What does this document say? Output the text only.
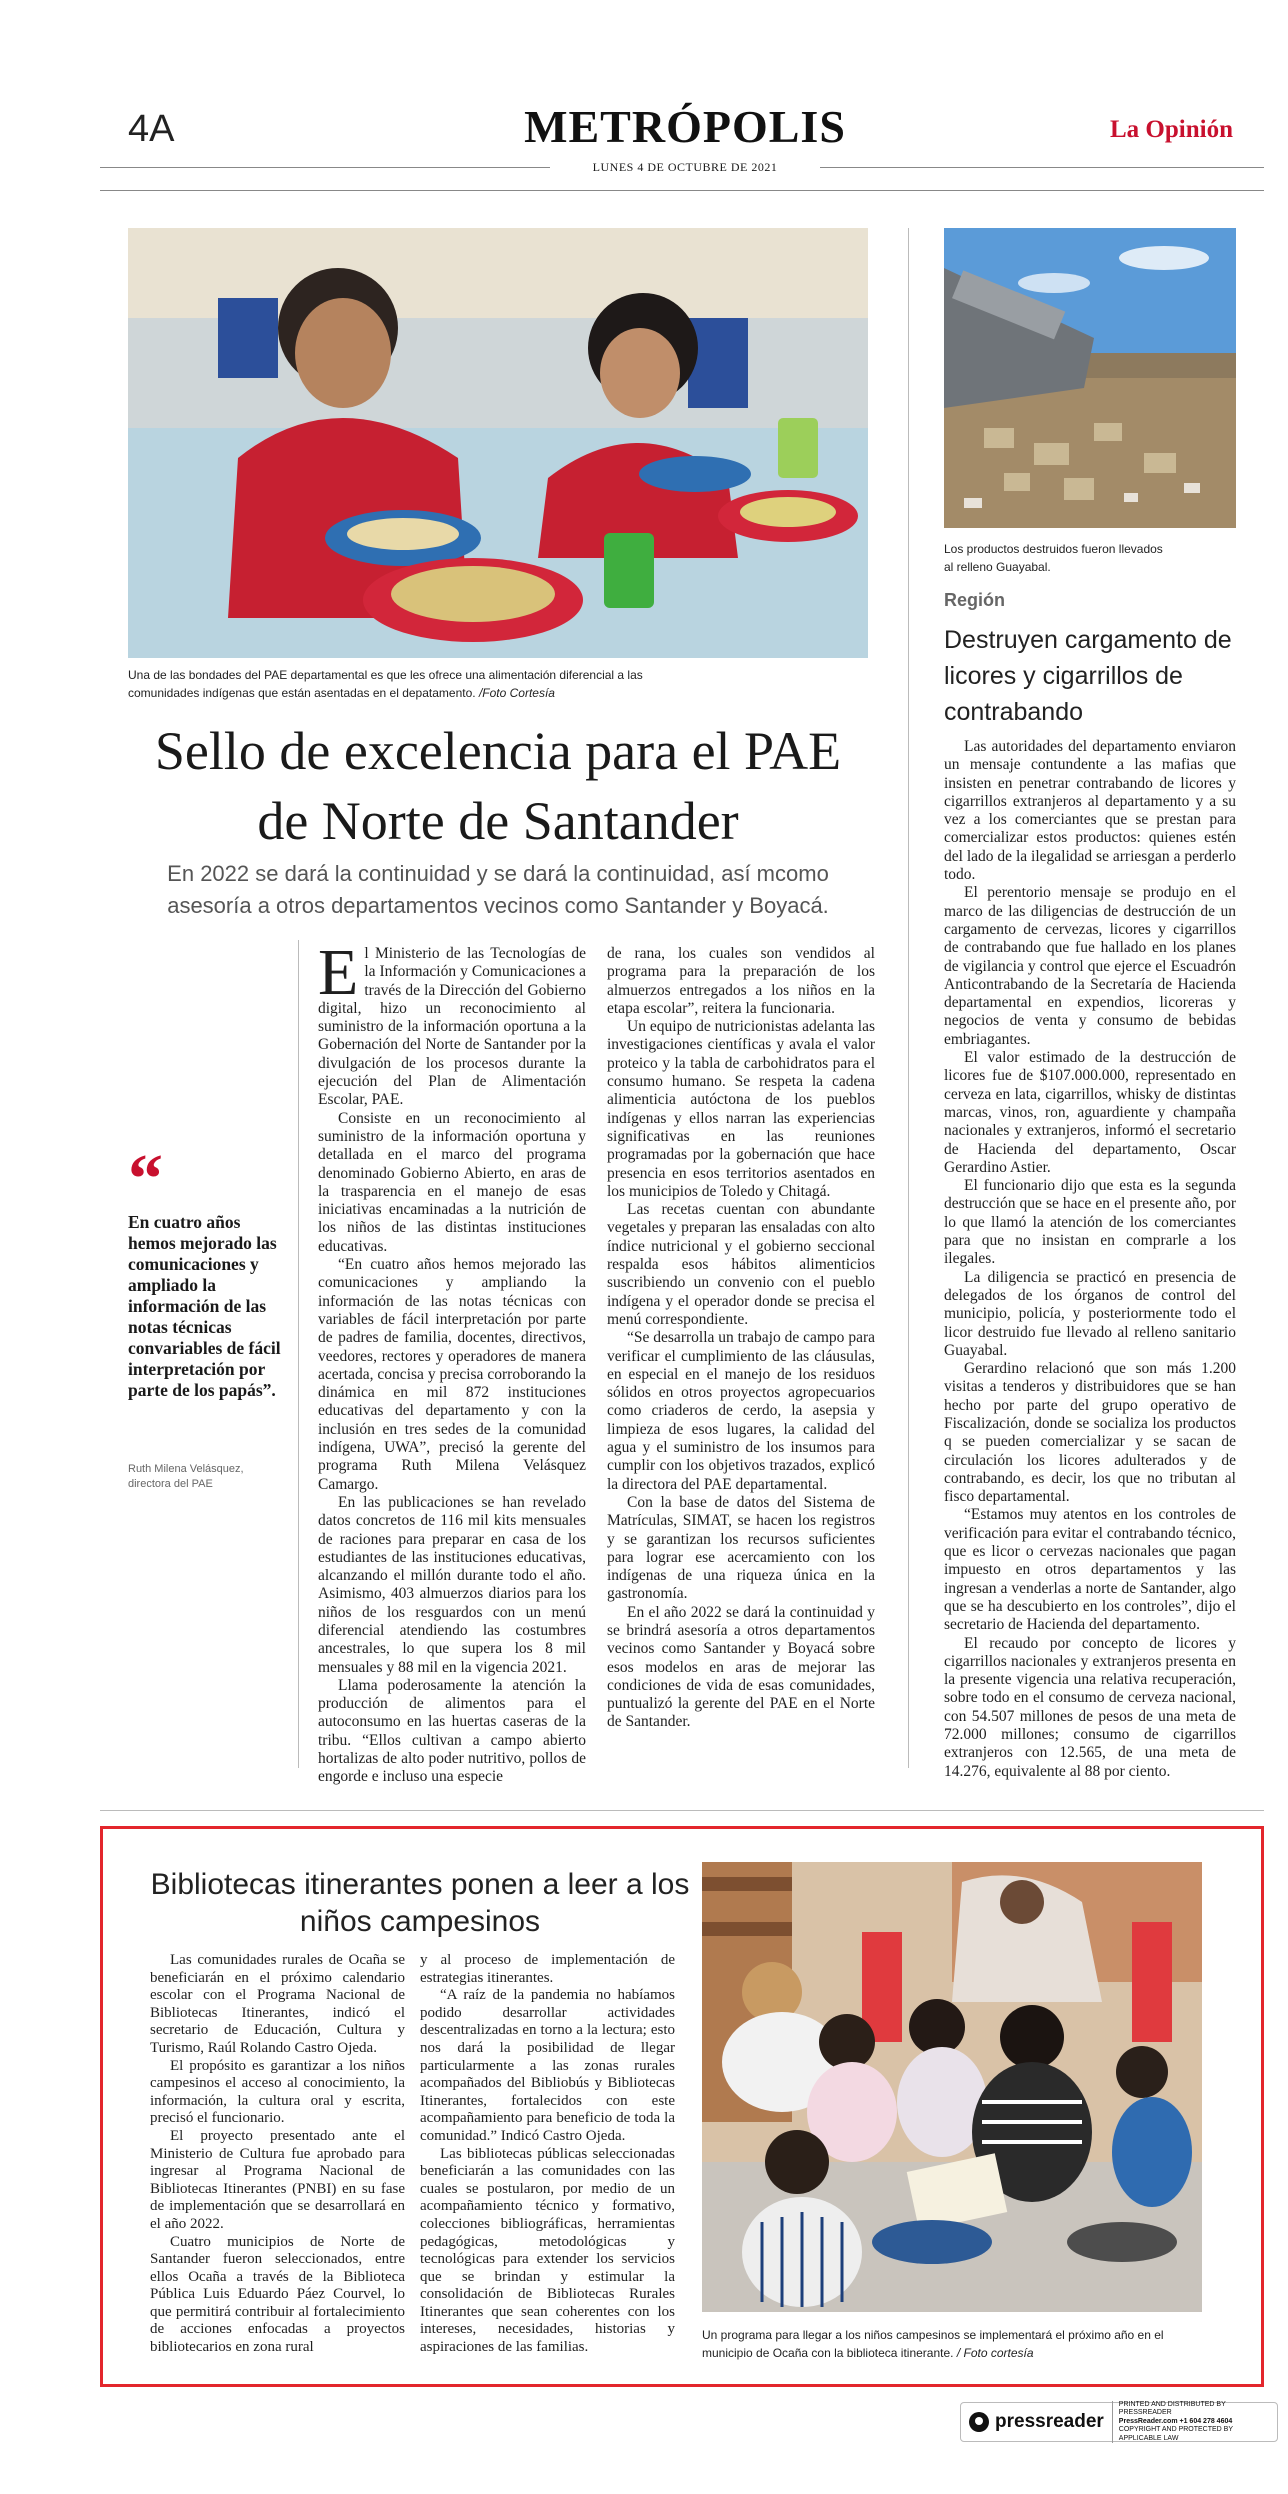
4A	METRÓPOLIS	La Opinión
LUNES 4 DE OCTUBRE DE 2021
Una de las bondades del PAE departamental es que les ofrece una alimentación diferencial a las comunidades indígenas que están asentadas en el depatamento. /Foto Cortesía
Sello de excelencia para el PAE de Norte de Santander
En 2022 se dará la continuidad y se dará la continuidad, así mcomo asesoría a otros departamentos vecinos como Santander y Boyacá.
“
En cuatro años hemos mejorado las comunicaciones y ampliado la información de las notas técnicas convariables de fácil interpretación por parte de los papás”.
Ruth Milena Velásquez, directora del PAE

El Ministerio de las Tecnologías de la Información y Comunicaciones a través de la Dirección del Gobierno digital, hizo un reconocimiento al suministro de la información oportuna a la Gobernación del Norte de Santander por la divulgación de los procesos durante la ejecución del Plan de Alimentación Escolar, PAE.

Consiste en un reconocimiento al suministro de la información oportuna y detallada en el marco del programa denominado Gobierno Abierto, en aras de la trasparencia en el manejo de esas iniciativas encaminadas a la nutrición de los niños de las distintas instituciones educativas.

“En cuatro años hemos mejorado las comunicaciones y ampliando la información de las notas técnicas con variables de fácil interpretación por parte de padres de familia, docentes, directivos, veedores, rectores y operadores de manera acertada, concisa y precisa corroborando la dinámica en mil 872 instituciones educativas del departamento y con la inclusión en tres sedes de la comunidad indígena, UWA”, precisó la gerente del programa Ruth Milena Velásquez Camargo.

En las publicaciones se han revelado datos concretos de 116 mil kits mensuales de raciones para preparar en casa de los estudiantes de las instituciones educativas, alcanzando el millón durante todo el año. Asimismo, 403 almuerzos diarios para los niños de los resguardos con un menú diferencial atendiendo las costumbres ancestrales, lo que supera los 8 mil mensuales y 88 mil en la vigencia 2021.

Llama poderosamente la atención la producción de alimentos para el autoconsumo en las huertas caseras de la tribu. “Ellos cultivan a campo abierto hortalizas de alto poder nutritivo, pollos de engorde e incluso una especie

de rana, los cuales son vendidos al programa para la preparación de los almuerzos entregados a los niños en la etapa escolar”, reitera la funcionaria.

Un equipo de nutricionistas adelanta las investigaciones científicas y avala el valor proteico y la tabla de carbohidratos para el consumo humano. Se respeta la cadena alimenticia autóctona de los pueblos indígenas y ellos narran las experiencias significativas en las reuniones programadas por la gobernación que hace presencia en esos territorios asentados en los municipios de Toledo y Chitagá.

Las recetas cuentan con abundante vegetales y preparan las ensaladas con alto índice nutricional y el gobierno seccional respalda esos hábitos alimenticios suscribiendo un convenio con el pueblo indígena y el operador donde se precisa el menú correspondiente.

“Se desarrolla un trabajo de campo para verificar el cumplimiento de las cláusulas, en especial en el manejo de los residuos sólidos en otros proyectos agropecuarios como criaderos de cerdo, la asepsia y limpieza de esos lugares, la calidad del agua y el suministro de los insumos para cumplir con los objetivos trazados, explicó la directora del PAE departamental.

Con la base de datos del Sistema de Matrículas, SIMAT, se hacen los registros y se garantizan los recursos suficientes para lograr ese acercamiento con los indígenas de una riqueza única en la gastronomía.

En el año 2022 se dará la continuidad y se brindrá asesoría a otros departamentos vecinos como Santander y Boyacá sobre esos modelos en aras de mejorar las condiciones de vida de esas comunidades, puntualizó la gerente del PAE en el Norte de Santander.

Los productos destruidos fueron llevados al relleno Guayabal.
Región
Destruyen cargamento de licores y cigarrillos de contrabando

Las autoridades del departamento enviaron un mensaje contundente a las mafias que insisten en penetrar contrabando de licores y cigarrillos extranjeros al departamento y a su vez a los comerciantes que se prestan para comercializar estos productos: quienes estén del lado de la ilegalidad se arriesgan a perderlo todo.

El perentorio mensaje se produjo en el marco de las diligencias de destrucción de un cargamento de cervezas, licores y cigarrillos de contrabando que fue hallado en los planes de vigilancia y control que ejerce el Escuadrón Anticontrabando de la Secretaría de Hacienda departamental en expendios, licoreras y negocios de venta y consumo de bebidas embriagantes.

El valor estimado de la destrucción de licores fue de $107.000.000, representado en cerveza en lata, cigarrillos, whisky de distintas marcas, vinos, ron, aguardiente y champaña nacionales y extranjeros, informó el secretario de Hacienda del departamento, Oscar Gerardino Astier.

El funcionario dijo que esta es la segunda destrucción que se hace en el presente año, por lo que llamó la atención de los comerciantes para que no insistan en comprarle a los ilegales.

La diligencia se practicó en presencia de delegados de los órganos de control del municipio, policía, y posteriormente todo el licor destruido fue llevado al relleno sanitario Guayabal.

Gerardino relacionó que son más 1.200 visitas a tenderos y distribuidores que se han hecho por parte del grupo operativo de Fiscalización, donde se socializa los productos q se pueden comercializar y se sacan de circulación los licores adulterados y de contrabando, es decir, los que no tributan al fisco departamental.

“Estamos muy atentos en los controles de verificación para evitar el contrabando técnico, que es licor o cervezas nacionales que pagan impuesto en otros departamentos y las ingresan a venderlas a norte de Santander, algo que se ha descubierto en los controles”, dijo el secretario de Hacienda del departamento.

El recaudo por concepto de licores y cigarrillos nacionales y extranjeros presenta en la presente vigencia una relativa recuperación, sobre todo en el consumo de cerveza nacional, con 54.507 millones de pesos de una meta de 72.000 millones; consumo de cigarrillos extranjeros con 12.565, de una meta de 14.276, equivalente al 88 por ciento.

Bibliotecas itinerantes ponen a leer a los niños campesinos

Las comunidades rurales de Ocaña se beneficiarán en el próximo calendario escolar con el Programa Nacional de Bibliotecas Itinerantes, indicó el secretario de Educación, Cultura y Turismo, Raúl Rolando Castro Ojeda.

El propósito es garantizar a los niños campesinos el acceso al conocimiento, la información, la cultura oral y escrita, precisó el funcionario.

El proyecto presentado ante el Ministerio de Cultura fue aprobado para ingresar al Programa Nacional de Bibliotecas Itinerantes (PNBI) en su fase de implementación que se desarrollará en el año 2022.

Cuatro municipios de Norte de Santander fueron seleccionados, entre ellos Ocaña a través de la Biblioteca Pública Luis Eduardo Páez Courvel, lo que permitirá contribuir al fortalecimiento de acciones enfocadas a proyectos bibliotecarios en zona rural

y al proceso de implementación de estrategias itinerantes.

“A raíz de la pandemia no habíamos podido desarrollar actividades descentralizadas en torno a la lectura; esto nos dará la posibilidad de llegar particularmente a las zonas rurales acompañados del Bibliobús y Bibliotecas Itinerantes, fortalecidos con este acompañamiento para beneficio de toda la comunidad.” Indicó Castro Ojeda.

Las bibliotecas públicas seleccionadas beneficiarán a las comunidades con las cuales se postularon, por medio de un acompañamiento técnico y formativo, colecciones bibliográficas, herramientas pedagógicas, metodológicas y tecnológicas para extender los servicios que se brindan y estimular la consolidación de Bibliotecas Rurales Itinerantes que sean coherentes con los intereses, necesidades, historias y aspiraciones de las familias.

Un programa para llegar a los niños campesinos se implementará el próximo año en el municipio de Ocaña con la biblioteca itinerante. / Foto cortesía
pressreader
PRINTED AND DISTRIBUTED BY PRESSREADER
PressReader.com +1 604 278 4604
COPYRIGHT AND PROTECTED BY APPLICABLE LAW
